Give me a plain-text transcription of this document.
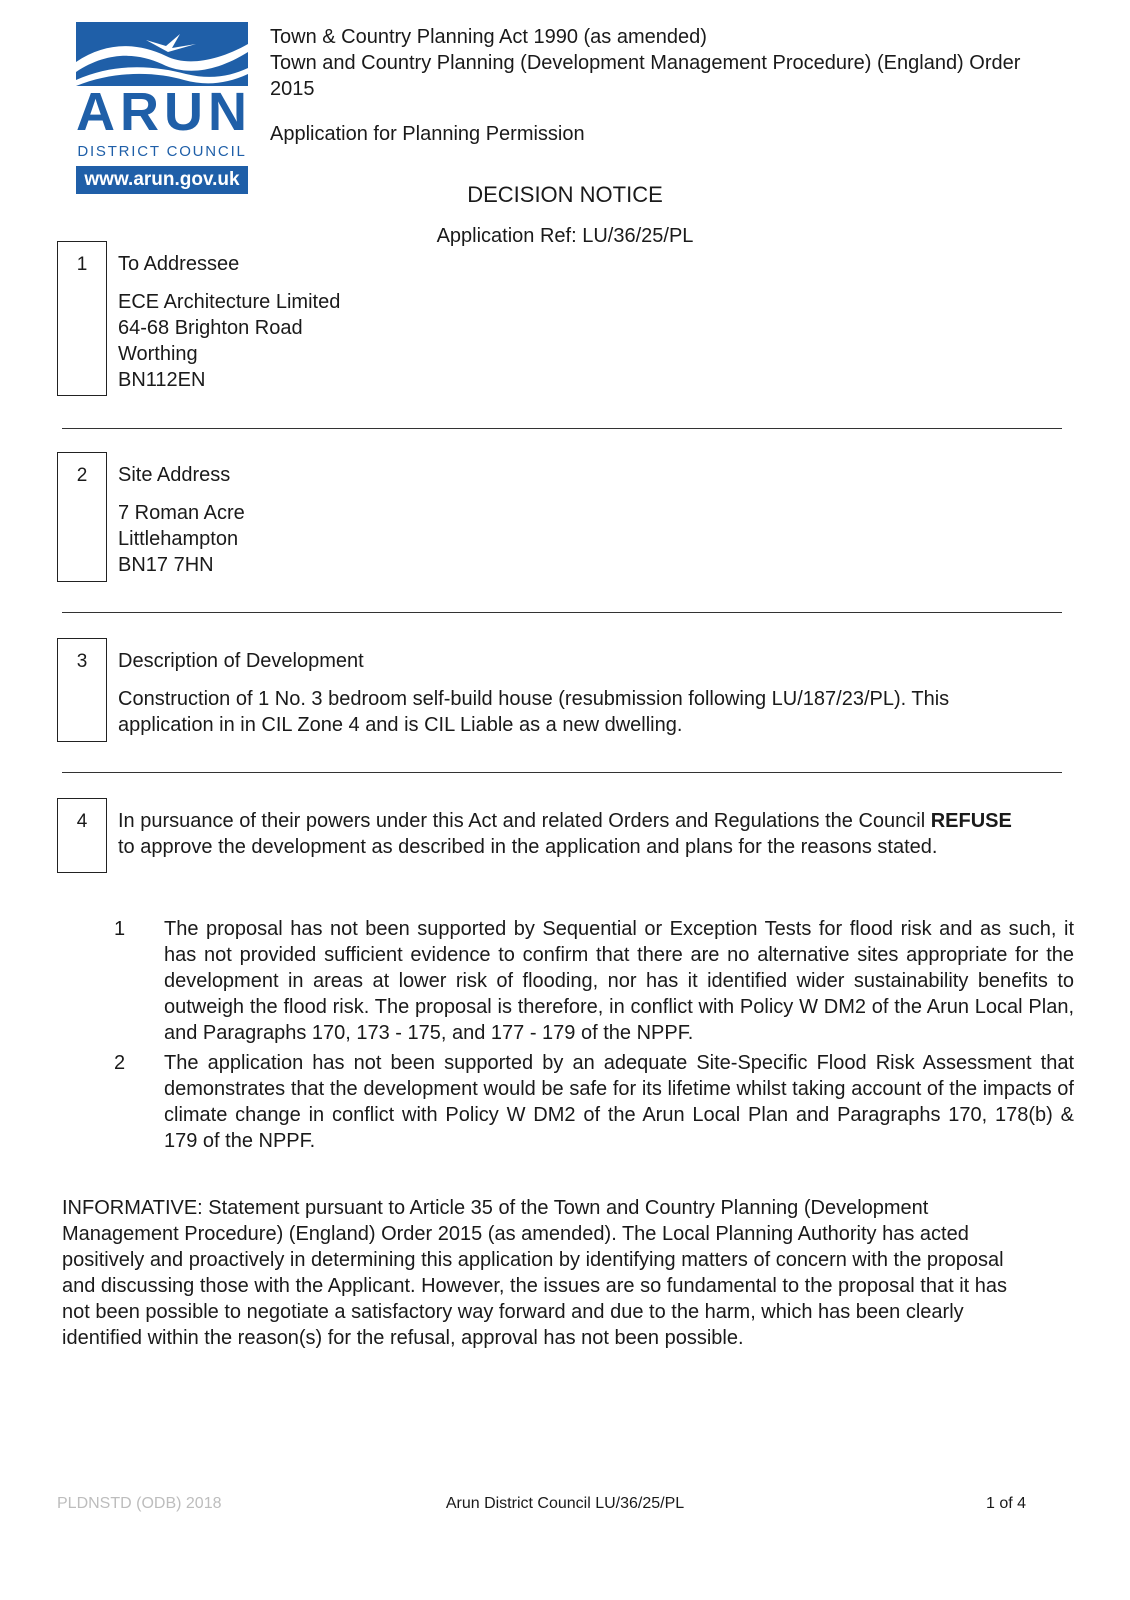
ARUN
DISTRICT COUNCIL
www.arun.gov.uk
Town & Country Planning Act 1990 (as amended)
Town and Country Planning (Development Management Procedure) (England) Order
2015
Application for Planning Permission
DECISION NOTICE
Application Ref: LU/36/25/PL
1	To Addressee
ECE Architecture Limited
64-68 Brighton Road
Worthing
BN112EN
2	Site Address
7 Roman Acre
Littlehampton
BN17 7HN
3	Description of Development
Construction of 1 No. 3 bedroom self-build house (resubmission following LU/187/23/PL). This
application in in CIL Zone 4 and is CIL Liable as a new dwelling.
4	In pursuance of their powers under this Act and related Orders and Regulations the Council REFUSE
to approve the development as described in the application and plans for the reasons stated.
1 The proposal has not been supported by Sequential or Exception Tests for flood risk and as such, it has not provided sufficient evidence to confirm that there are no alternative sites appropriate for the development in areas at lower risk of flooding, nor has it identified wider sustainability benefits to outweigh the flood risk. The proposal is therefore, in conflict with Policy W DM2 of the Arun Local Plan, and Paragraphs 170, 173 - 175, and 177 - 179 of the NPPF.
2 The application has not been supported by an adequate Site-Specific Flood Risk Assessment that demonstrates that the development would be safe for its lifetime whilst taking account of the impacts of climate change in conflict with Policy W DM2 of the Arun Local Plan and Paragraphs 170, 178(b) & 179 of the NPPF.
INFORMATIVE: Statement pursuant to Article 35 of the Town and Country Planning (Development
Management Procedure) (England) Order 2015 (as amended). The Local Planning Authority has acted
positively and proactively in determining this application by identifying matters of concern with the proposal
and discussing those with the Applicant. However, the issues are so fundamental to the proposal that it has
not been possible to negotiate a satisfactory way forward and due to the harm, which has been clearly
identified within the reason(s) for the refusal, approval has not been possible.
Arun District Council LU/36/25/PL
PLDNSTD (ODB) 2018	1 of 4
